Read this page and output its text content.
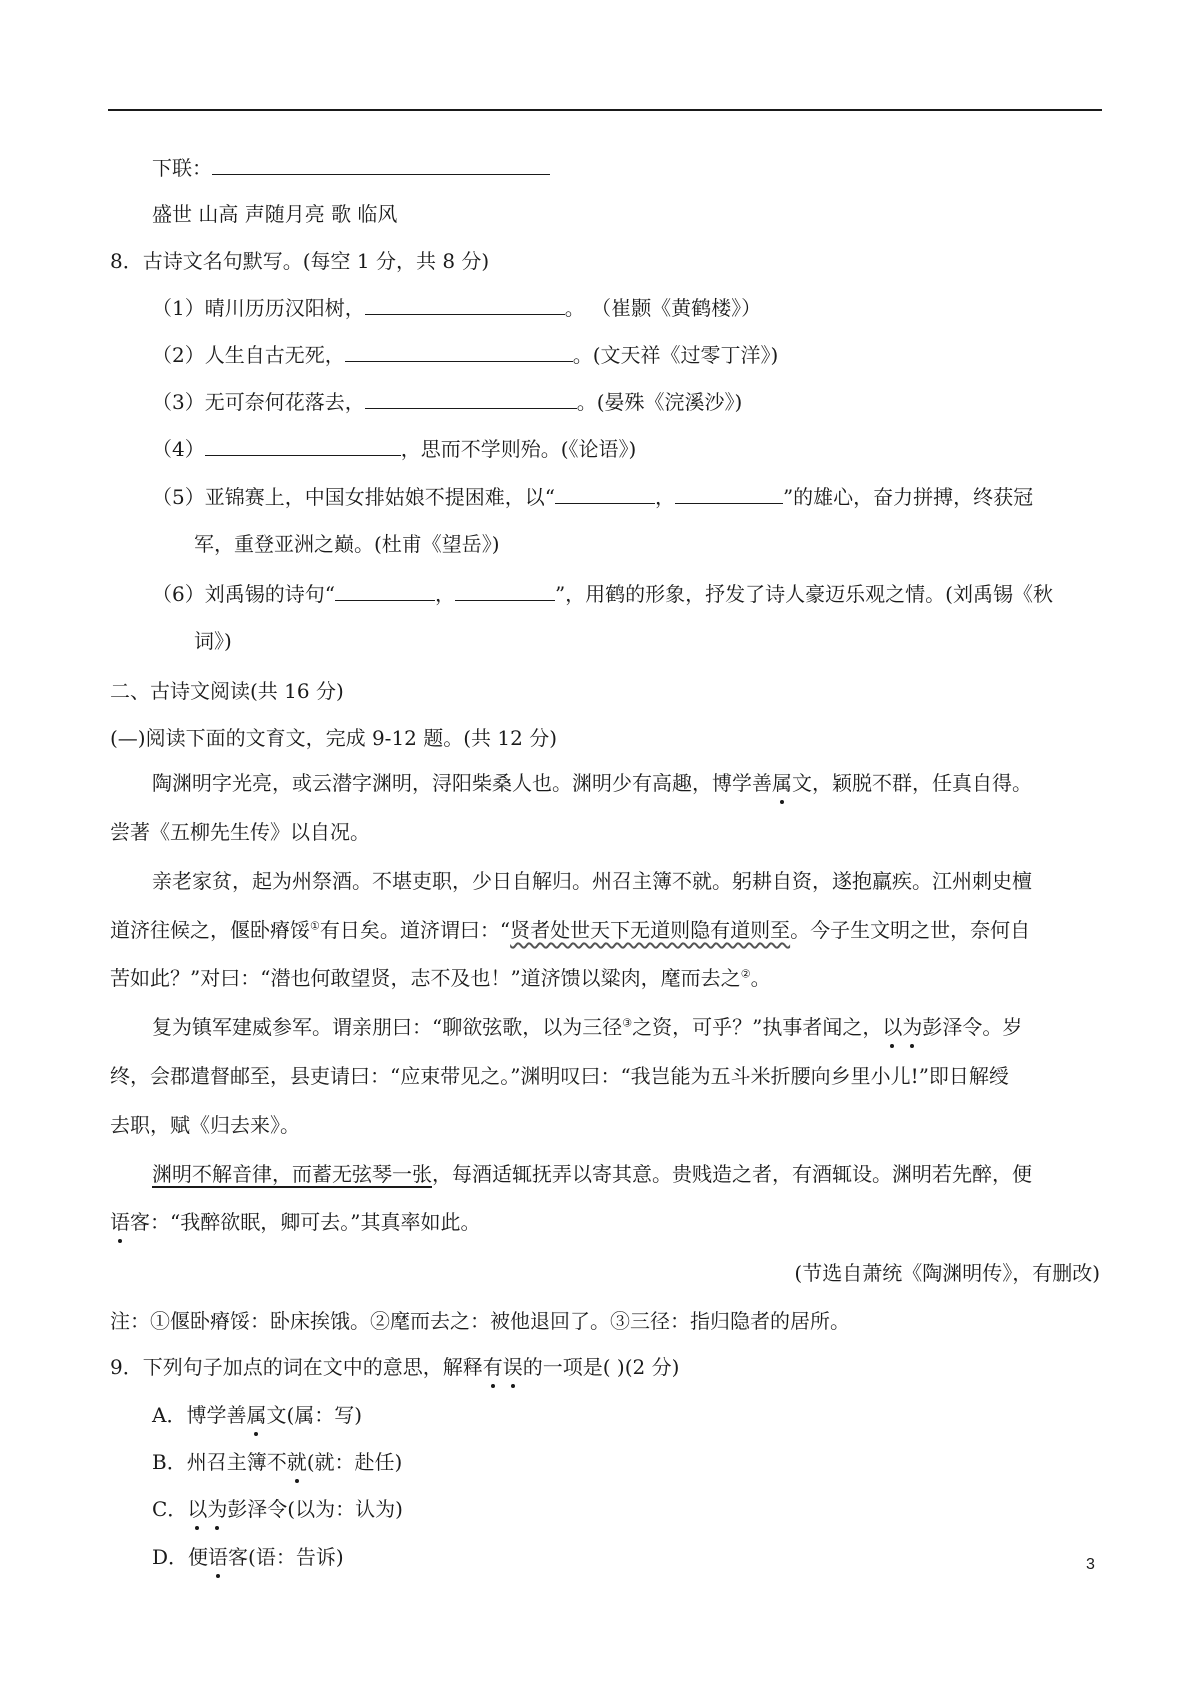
下联：
盛世 山高 声随月亮 歌 临风
8．古诗文名句默写。(每空 1 分，共 8 分)
（1）晴川历历汉阳树，	。 （崔颢《黄鹤楼》）
（2）人生自古无死，	。(文天祥《过零丁洋》)
（3）无可奈何花落去，	。(晏殊《浣溪沙》)
（4）	，思而不学则殆。(《论语》)
（5）亚锦赛上，中国女排姑娘不提困难，以“	，	”的雄心，奋力拼搏，终获冠
军，重登亚洲之巅。(杜甫《望岳》)
（6）刘禹锡的诗句“	，	”，用鹤的形象，抒发了诗人豪迈乐观之情。(刘禹锡《秋
词》)
二、古诗文阅读(共 16 分)
(—)阅读下面的文育文，完成 9-12 题。(共 12 分)
陶渊明字光亮，或云潜字渊明，浔阳柴桑人也。渊明少有高趣，博学善属文，颖脱不群，任真自得。
尝著《五柳先生传》以自况。
亲老家贫，起为州祭酒。不堪吏职，少日自解归。州召主簿不就。躬耕自资，遂抱羸疾。江州刺史檀
道济往候之，偃卧瘠馁①有日矣。道济谓曰：“贤者处世天下无道则隐有道则至。今子生文明之世，奈何自
苦如此？”对曰：“潜也何敢望贤，志不及也！”道济馈以粱肉，麾而去之②。
复为镇军建威参军。谓亲朋曰：“聊欲弦歌，以为三径③之资，可乎？”执事者闻之，以为彭泽令。岁
终，会郡遣督邮至，县吏请曰：“应束带见之。”渊明叹曰：“我岂能为五斗米折腰向乡里小儿!”即日解绶
去职，赋《归去来》。
渊明不解音律，而蓄无弦琴一张，每酒适辄抚弄以寄其意。贵贱造之者，有酒辄设。渊明若先醉，便
语客：“我醉欲眠，卿可去。”其真率如此。
(节选自萧统《陶渊明传》，有删改)
注：①偃卧瘠馁：卧床挨饿。②麾而去之：被他退回了。③三径：指归隐者的居所。
9．下列句子加点的词在文中的意思，解释有误的一项是( )(2 分)
A．博学善属文(属：写)
B．州召主簿不就(就：赴任)
C．以为彭泽令(以为：认为)
D．便语客(语：告诉)	3
